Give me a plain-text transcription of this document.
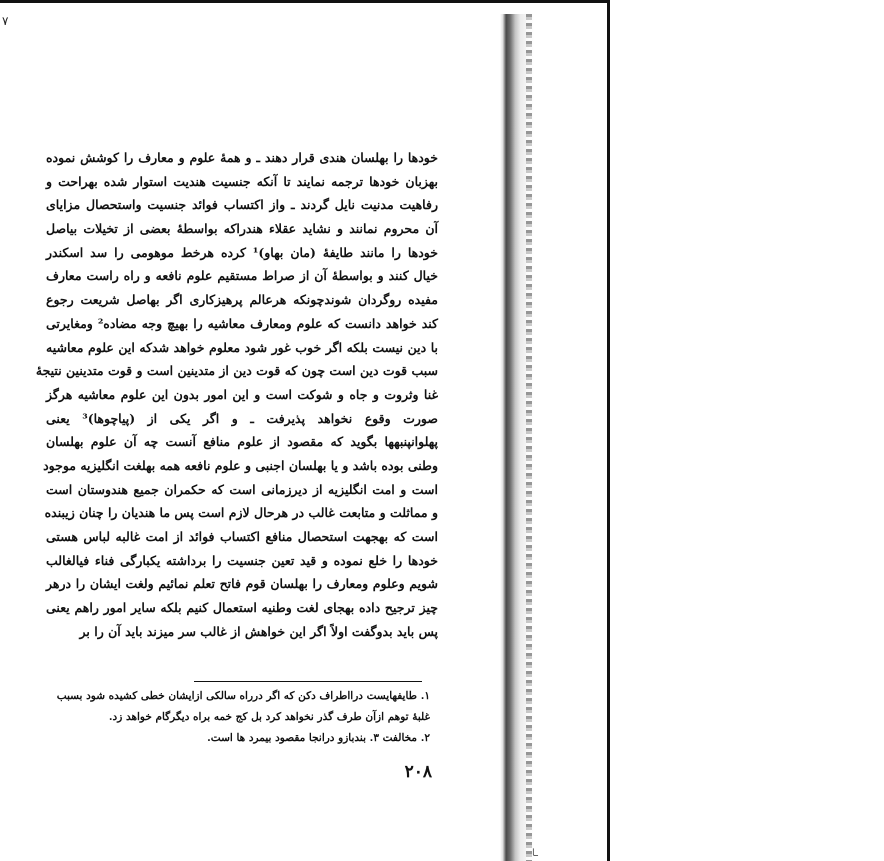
٧
خودها را بهلسان هندی قرار دهند ـ و همهٔ علوم و معارف را کوشش نموده
بهزبان خودها ترجمه نمایند تا آنکه جنسیت هندیت استوار شده بهراحت و
رفاهیت مدنیت نایل گردند ـ واز اکتساب فوائد جنسیت واستحصال مزایای
آن محروم نمانند و نشاید عقلاء هندراکه بواسطهٔ بعضی از تخیلات بیاصل
خودها را مانند طایفهٔ (مان بهاو)¹ کرده هرخط موهومی را سد اسکندر
خیال کنند و بواسطهٔ آن از صراط مستقیم علوم نافعه و راه راست معارف
مفیده روگردان شوندچونکه هرعالم پرهیزکاری اگر بهاصل شریعت رجوع
کند خواهد دانست که علوم ومعارف معاشیه را بهیچ وجه مضاده² ومغایرتی
با دین نیست بلکه اگر خوب غور شود معلوم خواهد شدکه این علوم معاشیه
سبب قوت دین است چون که قوت دین از متدینین است و قوت متدینین نتیجهٔ
غنا وثروت و جاه و شوکت است و این امور بدون این علوم معاشیه هرگز
صورت وقوع نخواهد پذیرفت ـ و اگر یکی از (پیاچوها)³ یعنی
پهلوانپنبهها بگوید که مقصود از علوم منافع آنست چه آن علوم بهلسان
وطنی بوده باشد و یا بهلسان اجنبی و علوم نافعه همه بهلغت انگلیزیه موجود
است و امت انگلیزیه از دیرزمانی است که حکمران جمیع هندوستان است
و مماثلت و متابعت غالب در هرحال لازم است پس ما هندیان را چنان زیبنده
است که بهجهت استحصال منافع اکتساب فوائد از امت غالبه لباس هستی
خودها را خلع نموده و قید تعین جنسیت را برداشته یکبارگی فناء فیالغالب
شویم وعلوم ومعارف را بهلسان قوم فاتح تعلم نمائیم ولغت ایشان را درهر
چیز ترجیح داده بهجای لغت وطنیه استعمال کنیم بلکه سایر امور راهم یعنی
پس باید بدوگفت اولاً اگر این خواهش از غالب سر میزند باید آن را بر
۱. طایفهایست درااطراف دکن که اگر درراه سالکی ازایشان خطی کشیده شود بسبب
غلبهٔ توهم ازآن طرف گذر نخواهد کرد بل کج خمه براه دیگرگام خواهد زد.
۲. مخالفت ۳. بندبازو درانجا مقصود بیمرد ها است.
۲۰۸
ـا
